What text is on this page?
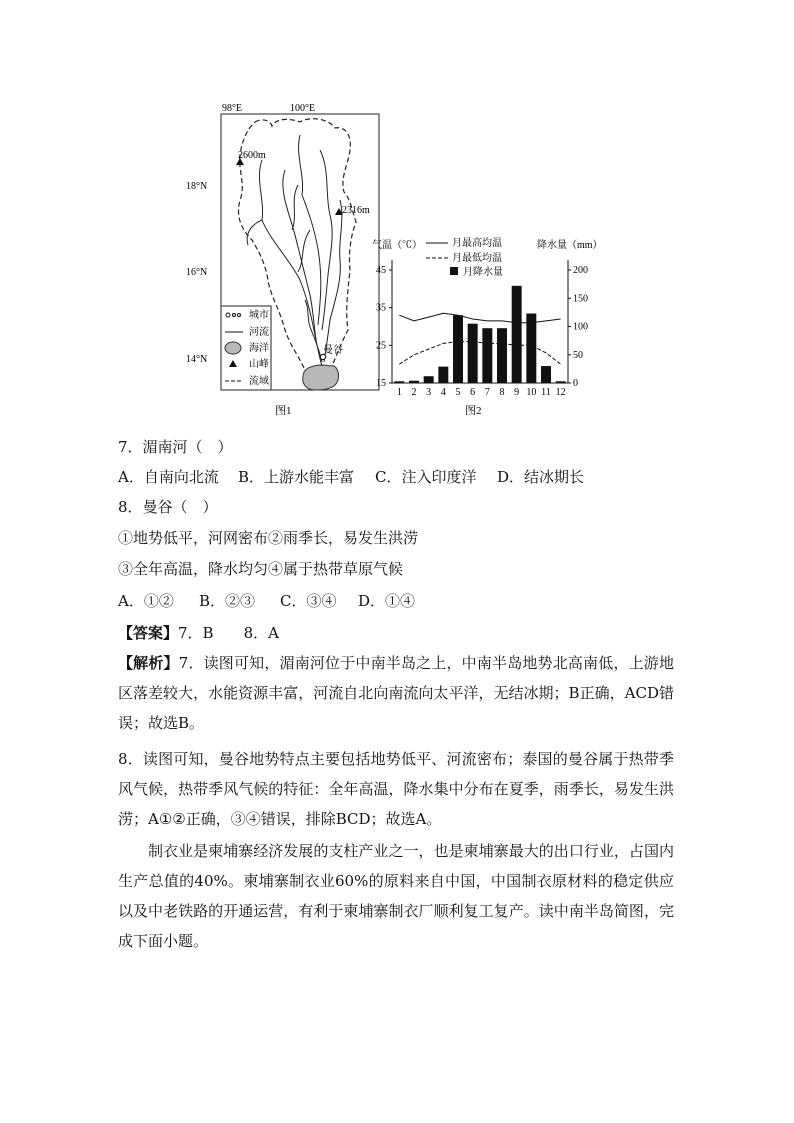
98°E	100°E
18°N
16°N
14°N
2600m
2316m
曼谷
城市
河流
海洋
山峰
流域
图1
气温（℃）	降水量（mm）
月最高均温
月最低均温
月降水量
45
35
25
15
200
150
100
50
0
1 2 3 4 5 6 7 8 9 10 11 12
图2
7．湄南河（　）
A．自南向北流 B．上游水能丰富 C．注入印度洋 D．结冰期长
8．曼谷（　）
①地势低平，河网密布②雨季长，易发生洪涝
③全年高温，降水均匀④属于热带草原气候
A．①② B．②③ C．③④ D．①④
【答案】7．B　　8．A
【解析】7．读图可知，湄南河位于中南半岛之上，中南半岛地势北高南低，上游地区落差较大，水能资源丰富，河流自北向南流向太平洋，无结冰期；B正确，ACD错误；故选B。
8．读图可知，曼谷地势特点主要包括地势低平、河流密布；泰国的曼谷属于热带季风气候，热带季风气候的特征：全年高温，降水集中分布在夏季，雨季长，易发生洪涝；A①②正确，③④错误，排除BCD；故选A。
制衣业是柬埔寨经济发展的支柱产业之一，也是柬埔寨最大的出口行业，占国内生产总值的40%。柬埔寨制衣业60%的原料来自中国，中国制衣原材料的稳定供应以及中老铁路的开通运营，有利于柬埔寨制衣厂顺利复工复产。读中南半岛简图，完成下面小题。
